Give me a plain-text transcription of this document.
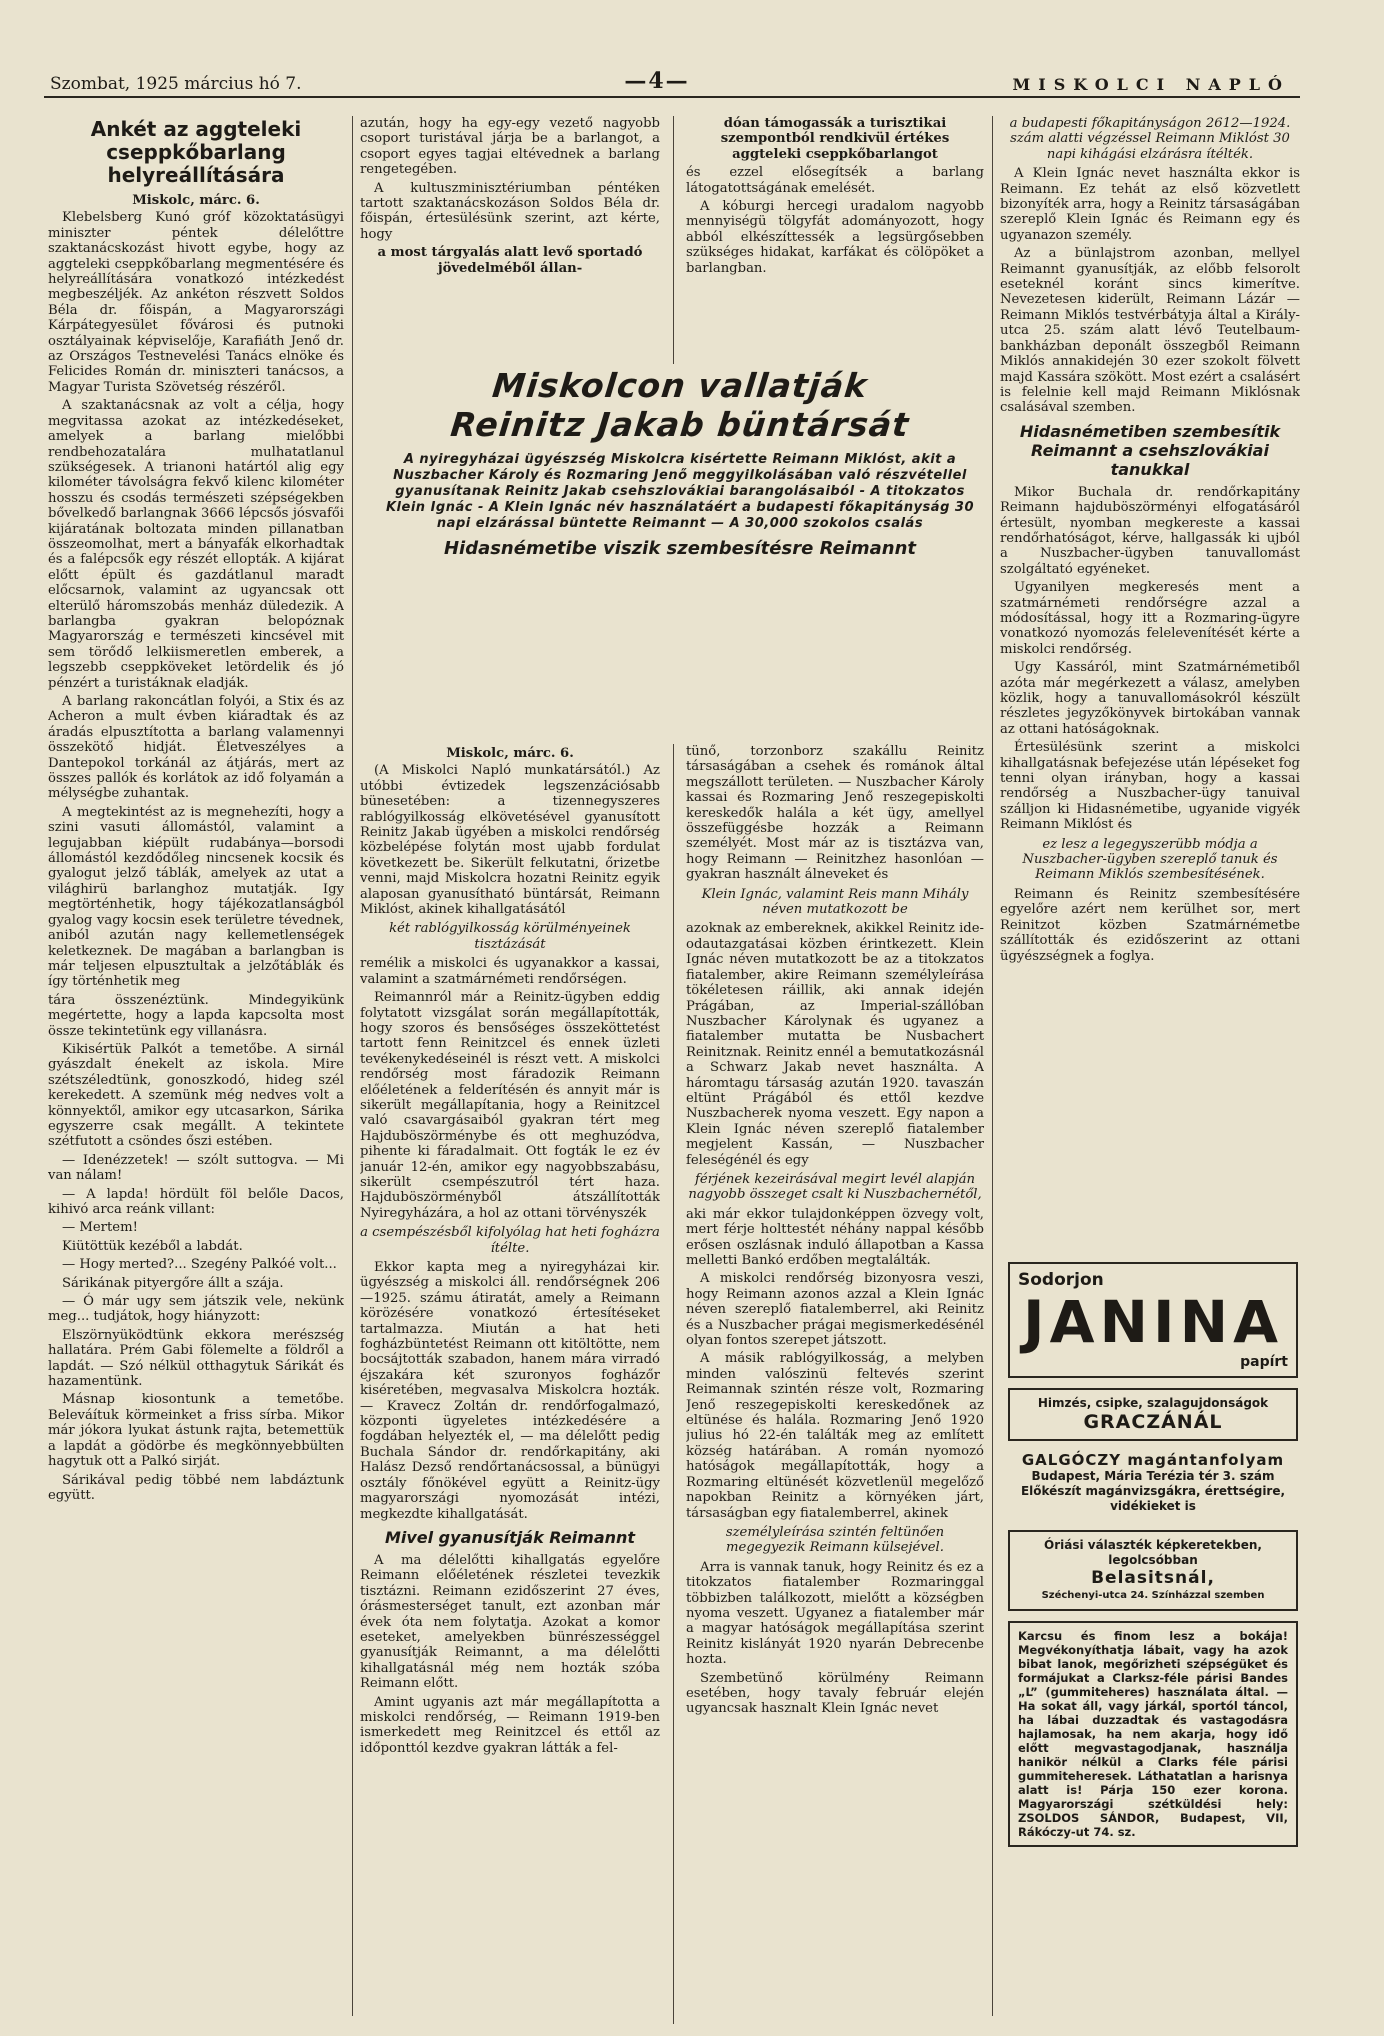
Szombat, 1925 március hó 7.	—4—	MISKOLCI NAPLÓ
Ankét az aggteleki cseppkőbarlang helyreállítására
Miskolc, márc. 6.

Klebelsberg Kunó gróf közoktatásügyi miniszter péntek délelőttre szaktanácskozást hivott egybe, hogy az aggteleki cseppkőbarlang megmentésére és helyreállítására vonatkozó intézkedést megbeszéljék. Az ankéton részvett Soldos Béla dr. főispán, a Magyarországi Kárpátegyesület fővárosi és putnoki osztályainak képviselője, Karafiáth Jenő dr. az Országos Testnevelési Tanács elnöke és Felicides Román dr. miniszteri tanácsos, a Magyar Turista Szövetség részéről.

A szaktanácsnak az volt a célja, hogy megvitassa azokat az intézkedéseket, amelyek a barlang mielőbbi rendbehozatalára mulhatatlanul szükségesek. A trianoni határtól alig egy kilométer távolságra fekvő kilenc kilométer hosszu és csodás természeti szépségekben bővelkedő barlangnak 3666 lépcsős jósvafői kijáratának boltozata minden pillanatban összeomolhat, mert a bányafák elkorhadtak és a falépcsők egy részét ellopták. A kijárat előtt épült és gazdátlanul maradt előcsarnok, valamint az ugyancsak ott elterülő háromszobás menház düledezik. A barlangba gyakran belopóznak Magyarország e természeti kincsével mit sem törődő lelkiismeretlen emberek, a legszebb cseppköveket letördelik és jó pénzért a turistáknak eladják.

A barlang rakoncátlan folyói, a Stix és az Acheron a mult évben kiáradtak és az áradás elpusztította a barlang valamennyi összekötő hidját. Életveszélyes a Dantepokol torkánál az átjárás, mert az összes pallók és korlátok az idő folyamán a mélységbe zuhantak.

A megtekintést az is megnehezíti, hogy a szini vasuti állomástól, valamint a legujabban kiépült rudabánya—borsodi állomástól kezdődőleg nincsenek kocsik és gyalogut jelző táblák, amelyek az utat a világhirü barlanghoz mutatják. Igy megtörténhetik, hogy tájékozatlanságból gyalog vagy kocsin esek területre tévednek, aniból azután nagy kellemetlenségek keletkeznek. De magában a barlangban is már teljesen elpusztultak a jelzőtáblák és így történhetik meg

tára összenéztünk. Mindegyikünk megértette, hogy a lapda kapcsolta most össze tekintetünk egy villanásra.

Kikisértük Palkót a temetőbe. A sirnál gyászdalt énekelt az iskola. Mire szétszéledtünk, gonoszkodó, hideg szél kerekedett. A szemünk még nedves volt a könnyektől, amikor egy utcasarkon, Sárika egyszerre csak megállt. A tekintete szétfutott a csöndes őszi estében.

— Idenézzetek! — szólt suttogva. — Mi van nálam!

— A lapda! hördült föl belőle Dacos, kihivó arca reánk villant:

— Mertem!

Kiütöttük kezéből a labdát.

— Hogy merted?... Szegény Palkóé volt...

Sárikának pityergőre állt a szája.

— Ó már ugy sem játszik vele, nekünk meg... tudjátok, hogy hiányzott:

Elszörnyüködtünk ekkora merészség hallatára. Prém Gabi fölemelte a földről a lapdát. — Szó nélkül otthagytuk Sárikát és hazamentünk.

Másnap kiosontunk a temetőbe. Beleváítuk körmeinket a friss sírba. Mikor már jókora lyukat ástunk rajta, betemettük a lapdát a gödörbe és megkönnyebbülten hagytuk ott a Palkó sirját.

Sárikával pedig többé nem labdáztunk együtt.

azután, hogy ha egy-egy vezető nagyobb csoport turistával járja be a barlangot, a csoport egyes tagjai eltévednek a barlang rengetegében.

A kultuszminisztériumban péntéken tartott szaktanácskozáson Soldos Béla dr. főispán, értesülésünk szerint, azt kérte, hogy

a most tárgyalás alatt levő sportadó jövedelméből állan-

dóan támogassák a turisztikai szempontból rendkivül értékes aggteleki cseppkőbarlangot

és ezzel elősegítsék a barlang látogatottságának emelését.

A kóburgi hercegi uradalom nagyobb mennyiségü tölgyfát adományozott, hogy abból elkészíttessék a legsürgősebben szükséges hidakat, karfákat és cölöpöket a barlangban.

Miskolcon vallatják
Reinitz Jakab büntársát
A nyiregyházai ügyészség Miskolcra kisértette Reimann Miklóst, akit a Nuszbacher Károly és Rozmaring Jenő meggyilkolásában való részvétellel gyanusítanak Reinitz Jakab csehszlovákiai barangolásaiból - A titokzatos Klein Ignác - A Klein Ignác név használatáért a budapesti főkapitányság 30 napi elzárással büntette Reimannt — A 30,000 szokolos csalás
Hidasnémetibe viszik szembesítésre Reimannt
Miskolc, márc. 6.

(A Miskolci Napló munkatársától.) Az utóbbi évtizedek legszenzációsabb bünesetében: a tizennegyszeres rablógyilkosság elkövetésével gyanusított Reinitz Jakab ügyében a miskolci rendőrség közbelépése folytán most ujabb fordulat következett be. Sikerült felkutatni, őrizetbe venni, majd Miskolcra hozatni Reinitz egyik alaposan gyanusítható büntársát, Reimann Miklóst, akinek kihallgatásától

két rablógyilkosság körülményeinek tisztázását

remélik a miskolci és ugyanakkor a kassai, valamint a szatmárnémeti rendőrségen.

Reimannról már a Reinitz-ügyben eddig folytatott vizsgálat során megállapították, hogy szoros és bensőséges összeköttetést tartott fenn Reinitzcel és ennek üzleti tevékenykedéseinél is részt vett. A miskolci rendőrség most fáradozik Reimann előéletének a felderítésén és annyit már is sikerült megállapítania, hogy a Reinitzcel való csavargásaiból gyakran tért meg Hajduböszörménybe és ott meghuzódva, pihente ki fáradalmait. Ott fogták le ez év január 12-én, amikor egy nagyobbszabásu, sikerült csempészutról tért haza. Hajduböszörményből átszállították Nyiregyházára, a hol az ottani törvényszék

a csempészésből kifolyólag hat heti fogházra ítélte.

Ekkor kapta meg a nyiregyházai kir. ügyészség a miskolci áll. rendőrségnek 206—1925. számu átiratát, amely a Reimann körözésére vonatkozó értesítéseket tartalmazza. Miután a hat heti fogházbüntetést Reimann ott kitöltötte, nem bocsájtották szabadon, hanem mára virradó éjszakára két szuronyos fogházőr kiséretében, megvasalva Miskolcra hozták. — Kravecz Zoltán dr. rendőrfogalmazó, központi ügyeletes intézkedésére a fogdában helyezték el, — ma délelőtt pedig Buchala Sándor dr. rendőrkapitány, aki Halász Dezső rendőrtanácsossal, a bünügyi osztály főnökével együtt a Reinitz-ügy magyarországi nyomozását intézi, megkezdte kihallgatását.

Mivel gyanusítják Reimannt

A ma délelőtti kihallgatás egyelőre Reimann előéletének részletei tevezkik tisztázni. Reimann ezidőszerint 27 éves, órásmesterséget tanult, ezt azonban már évek óta nem folytatja. Azokat a komor eseteket, amelyekben bünrészességgel gyanusítják Reimannt, a ma délelőtti kihallgatásnál még nem hozták szóba Reimann előtt.

Amint ugyanis azt már megállapította a miskolci rendőrség, — Reimann 1919-ben ismerkedett meg Reinitzcel és ettől az időponttól kezdve gyakran látták a fel-

tünő, torzonborz szakállu Reinitz társaságában a csehek és románok által megszállott területen. — Nuszbacher Károly kassai és Rozmaring Jenő reszegepiskolti kereskedők halála a két ügy, amellyel összefüggésbe hozzák a Reimann személyét. Most már az is tisztázva van, hogy Reimann — Reinitzhez hasonlóan — gyakran használt álneveket és

Klein Ignác, valamint Reis mann Mihály néven mutatkozott be

azoknak az embereknek, akikkel Reinitz ide-odautazgatásai közben érintkezett. Klein Ignác néven mutatkozott be az a titokzatos fiatalember, akire Reimann személyleírása tökéletesen ráillik, aki annak idején Prágában, az Imperial-szállóban Nuszbacher Károlynak és ugyanez a fiatalember mutatta be Nusbachert Reinitznak. Reinitz ennél a bemutatkozásnál a Schwarz Jakab nevet használta. A háromtagu társaság azután 1920. tavaszán eltünt Prágából és ettől kezdve Nuszbacherek nyoma veszett. Egy napon a Klein Ignác néven szereplő fiatalember megjelent Kassán, — Nuszbacher feleségénél és egy

férjének kezeirásával megirt levél alapján nagyobb összeget csalt ki Nuszbachernétől,

aki már ekkor tulajdonképpen özvegy volt, mert férje holttestét néhány nappal később erősen oszlásnak induló állapotban a Kassa melletti Bankó erdőben megtalálták.

A miskolci rendőrség bizonyosra veszi, hogy Reimann azonos azzal a Klein Ignác néven szereplő fiatalemberrel, aki Reinitz és a Nuszbacher prágai megismerkedésénél olyan fontos szerepet játszott.

A másik rablógyilkosság, a melyben minden valószinü feltevés szerint Reimannak szintén része volt, Rozmaring Jenő reszegepiskolti kereskedőnek az eltünése és halála. Rozmaring Jenő 1920 julius hó 22-én találták meg az említett község határában. A román nyomozó hatóságok megállapították, hogy a Rozmaring eltünését közvetlenül megelőző napokban Reinitz a környéken járt, társaságban egy fiatalemberrel, akinek

személyleírása szintén feltünően megegyezik Reimann külsejével.

Arra is vannak tanuk, hogy Reinitz és ez a titokzatos fiatalember Rozmaringgal többizben találkozott, mielőtt a községben nyoma veszett. Ugyanez a fiatalember már a magyar hatóságok megállapítása szerint Reinitz kislányát 1920 nyarán Debrecenbe hozta.

Szembetünő körülmény Reimann esetében, hogy tavaly február elején ugyancsak hasznalt Klein Ignác nevet

a budapesti főkapitányságon 2612—1924. szám alatti végzéssel Reimann Miklóst 30 napi kihágási elzárásra ítélték.

A Klein Ignác nevet használta ekkor is Reimann. Ez tehát az első közvetlett bizonyíték arra, hogy a Reinitz társaságában szereplő Klein Ignác és Reimann egy és ugyanazon személy.

Az a bünlajstrom azonban, mellyel Reimannt gyanusítják, az előbb felsorolt eseteknél koránt sincs kimerítve. Nevezetesen kiderült, Reimann Lázár — Reimann Miklós testvérbátyja által a Király-utca 25. szám alatt lévő Teutelbaum-bankházban deponált összegből Reimann Miklós annakidején 30 ezer szokolt fölvett majd Kassára szökött. Most ezért a csalásért is felelnie kell majd Reimann Miklósnak csalásával szemben.

Hidasnémetiben szembesítik Reimannt a csehszlovákiai tanukkal

Mikor Buchala dr. rendőrkapitány Reimann hajduböszörményi elfogatásáról értesült, nyomban megkereste a kassai rendőrhatóságot, kérve, hallgassák ki ujból a Nuszbacher-ügyben tanuvallomást szolgáltató egyéneket.

Ugyanilyen megkeresés ment a szatmárnémeti rendőrségre azzal a módosítással, hogy itt a Rozmaring-ügyre vonatkozó nyomozás felelevenítését kérte a miskolci rendőrség.

Ugy Kassáról, mint Szatmárnémetiből azóta már megérkezett a válasz, amelyben közlik, hogy a tanuvallomásokról készült részletes jegyzőkönyvek birtokában vannak az ottani hatóságoknak.

Értesülésünk szerint a miskolci kihallgatásnak befejezése után lépéseket fog tenni olyan irányban, hogy a kassai rendőrség a Nuszbacher-ügy tanuival szálljon ki Hidasnémetibe, ugyanide vigyék Reimann Miklóst és

ez lesz a legegyszerübb módja a Nuszbacher-ügyben szereplő tanuk és Reimann Miklós szembesítésének.

Reimann és Reinitz szembesítésére egyelőre azért nem kerülhet sor, mert Reinitzot közben Szatmárnémetbe szállították és ezidőszerint az ottani ügyészségnek a foglya.

Sodorjon
JANINA
papírt
Himzés, csipke, szalagujdonságok
GRACZÁNÁL
GALGÓCZY magántanfolyam
Budapest, Mária Terézia tér 3. szám Előkészít magánvizsgákra, érettségire, vidékieket is
Óriási választék képkeretekben, legolcsóbban
Belasitsnál,
Széchenyi-utca 24. Színházzal szemben
Karcsu és finom lesz a bokája! Megvékonyíthatja lábait, vagy ha azok bibat lanok, megőrizheti szépségüket és formájukat a Clarksz-féle párisi Bandes „L” (gummiteheres) használata által. — Ha sokat áll, vagy járkál, sportól táncol, ha lábai duzzadtak és vastagodásra hajlamosak, ha nem akarja, hogy idő előtt megvastagodjanak, használja hanikör nélkül a Clarks féle párisi gummiteheresek. Láthatatlan a harisnya alatt is! Párja 150 ezer korona. Magyarországi szétküldési hely: ZSOLDOS SÁNDOR, Budapest, VII, Rákóczy-ut 74. sz.
